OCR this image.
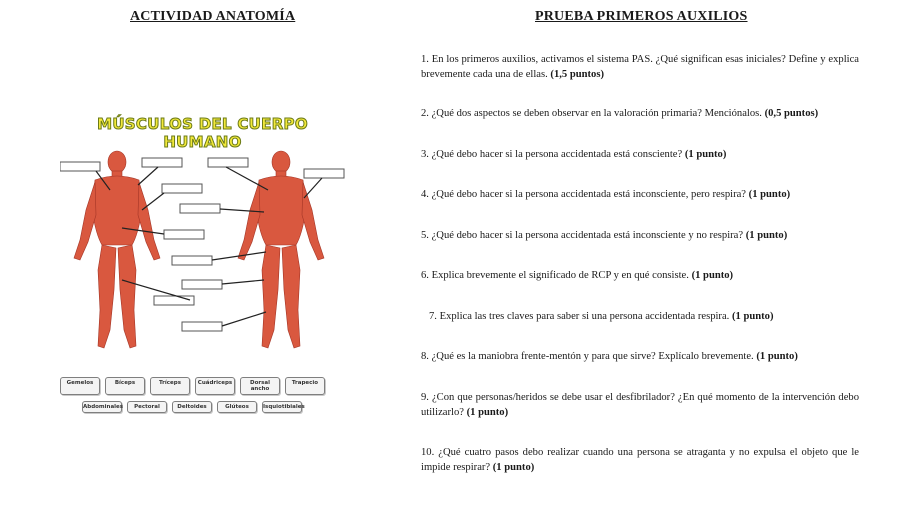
ACTIVIDAD ANATOMÍA	PRUEBA PRIMEROS AUXILIOS
MÚSCULOS DEL CUERPO HUMANO
Gemelos	Bíceps	Tríceps	Cuádriceps	Dorsal ancho
Trapecio
Abdominales	Pectoral	Deltoides	Glúteos	Isquiotibiales
1. En los primeros auxilios, activamos el sistema PAS. ¿Qué significan esas iniciales? Define y explica brevemente cada una de ellas. (1,5 puntos)
2. ¿Qué dos aspectos se deben observar en la valoración primaria? Menciónalos. (0,5 puntos)
3. ¿Qué debo hacer si la persona accidentada está consciente? (1 punto)
4. ¿Qué debo hacer si la persona accidentada está inconsciente, pero respira? (1 punto)
5. ¿Qué debo hacer si la persona accidentada está inconsciente y no respira? (1 punto)
6. Explica brevemente el significado de RCP y en qué consiste. (1 punto)
7. Explica las tres claves para saber si una persona accidentada respira. (1 punto)
8. ¿Qué es la maniobra frente-mentón y para que sirve? Explícalo brevemente. (1 punto)
9. ¿Con que personas/heridos se debe usar el desfibrilador? ¿En qué momento de la intervención debo utilizarlo? (1 punto)
10. ¿Qué cuatro pasos debo realizar cuando una persona se atraganta y no expulsa el objeto que le impide respirar? (1 punto)
